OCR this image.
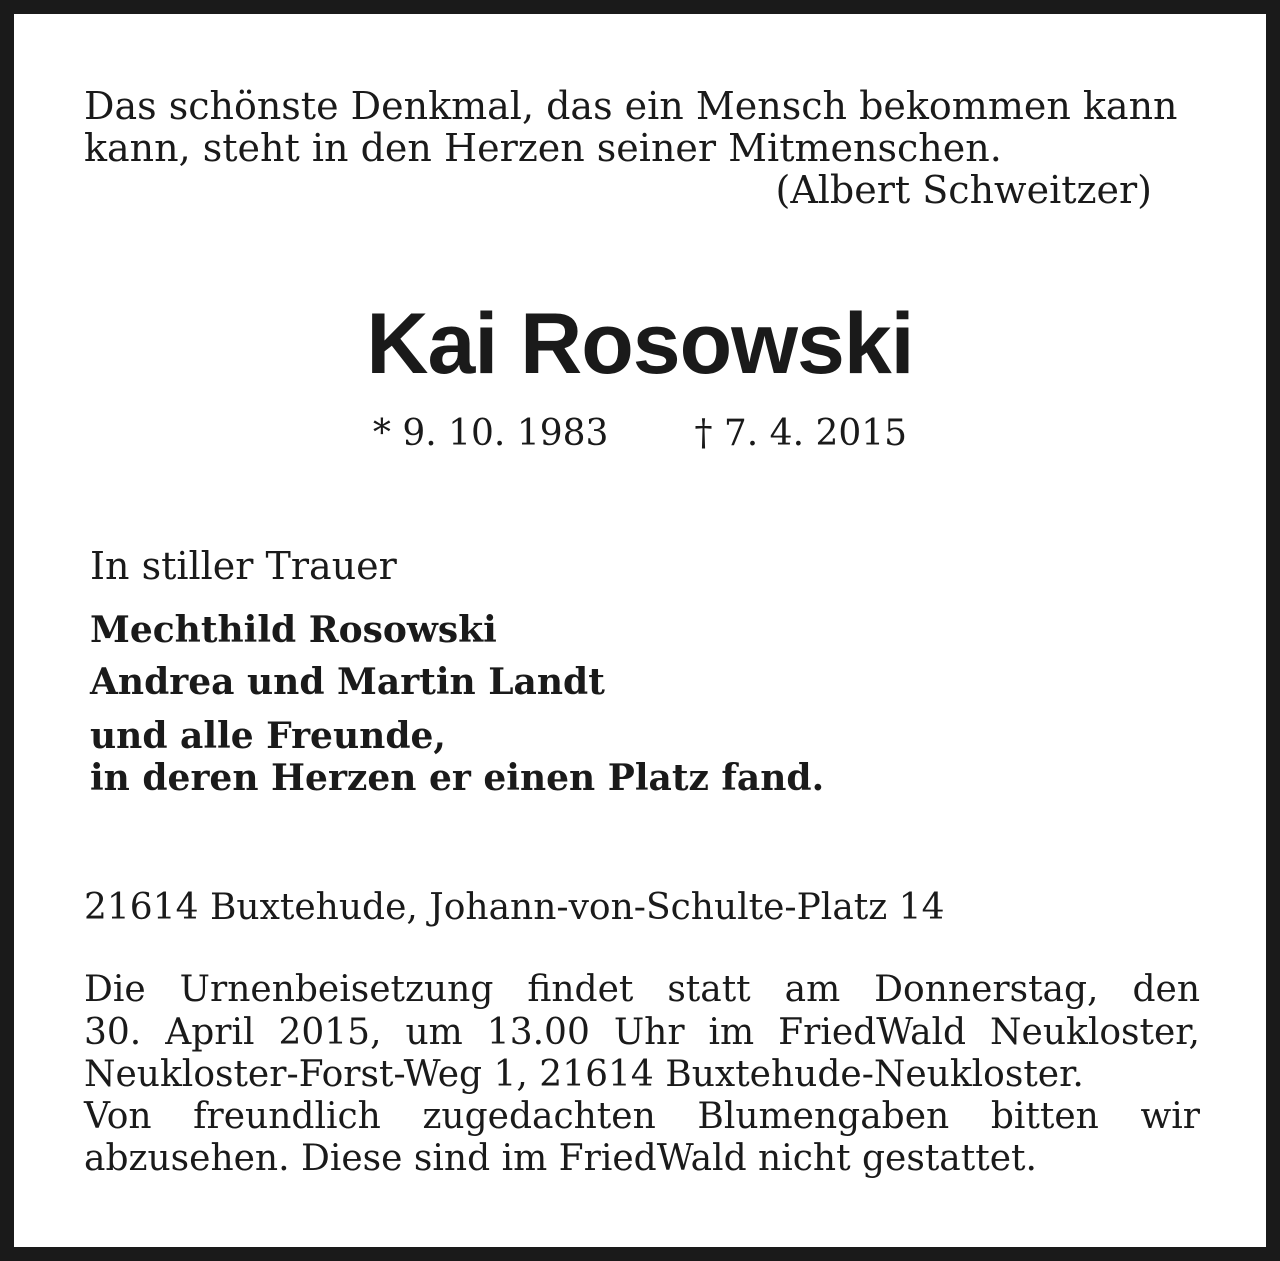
Das schönste Denkmal, das ein Mensch bekommen kann
kann, steht in den Herzen seiner Mitmenschen.
(Albert Schweitzer)
Kai Rosowski
* 9. 10. 1983 † 7. 4. 2015
In stiller Trauer
Mechthild Rosowski
Andrea und Martin Landt
und alle Freunde,
in deren Herzen er einen Platz fand.
21614 Buxtehude, Johann-von-Schulte-Platz 14
Die Urnenbeisetzung findet statt am Donnerstag, den
30. April 2015, um 13.00 Uhr im FriedWald Neukloster,
Neukloster-Forst-Weg 1, 21614 Buxtehude-Neukloster.
Von freundlich zugedachten Blumengaben bitten wir
abzusehen. Diese sind im FriedWald nicht gestattet.
